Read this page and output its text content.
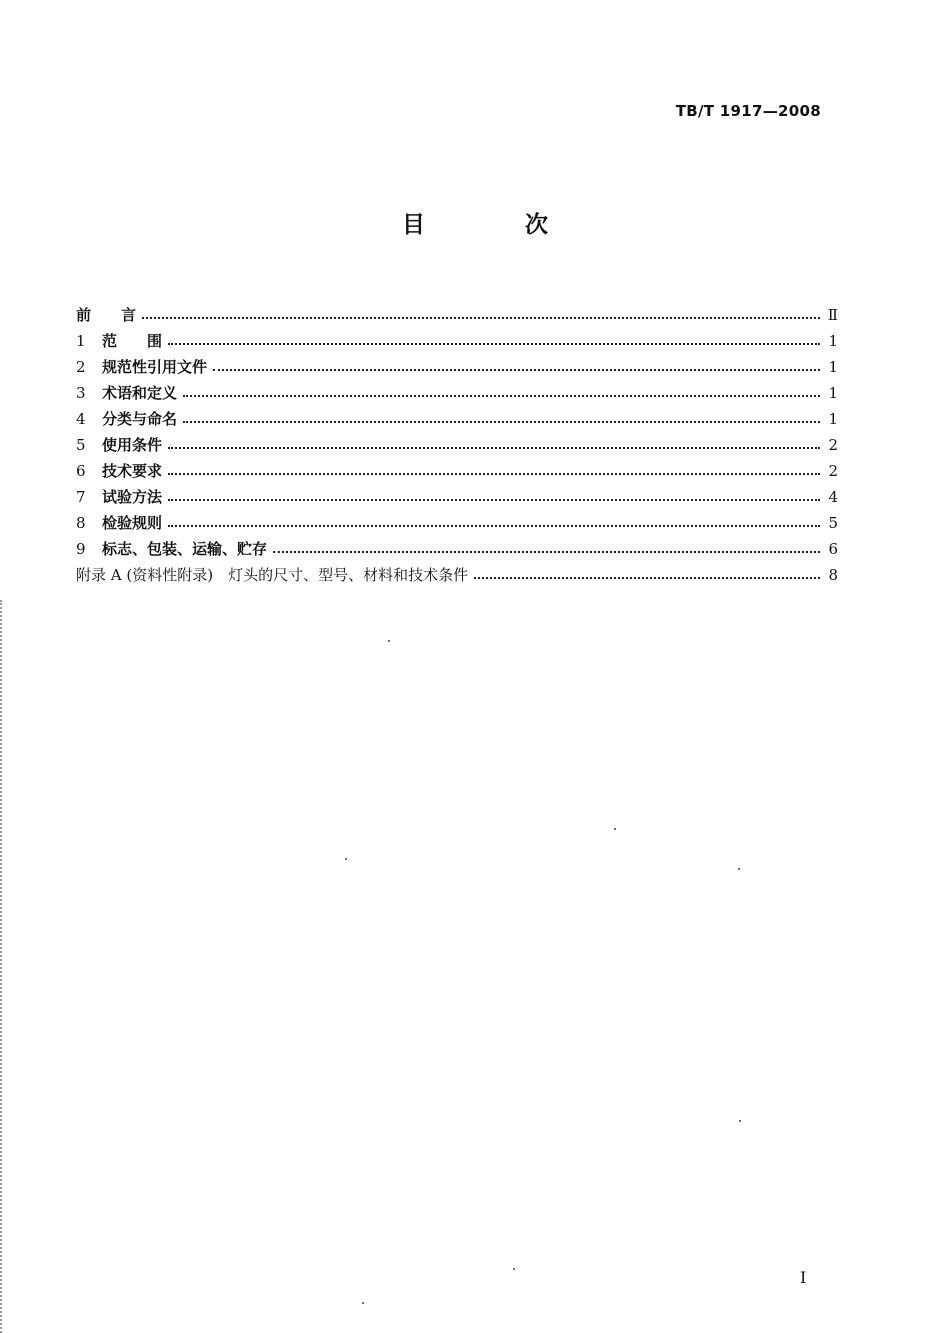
TB/T 1917—2008
目 次
前　　言	Ⅱ
1	范　　围	1
2	规范性引用文件	1
3	术语和定义	1
4	分类与命名	1
5	使用条件	2
6	技术要求	2
7	试验方法	4
8	检验规则	5
9	标志、包装、运输、贮存	6
附录 A (资料性附录)　灯头的尺寸、型号、材料和技术条件	8
Ⅰ
